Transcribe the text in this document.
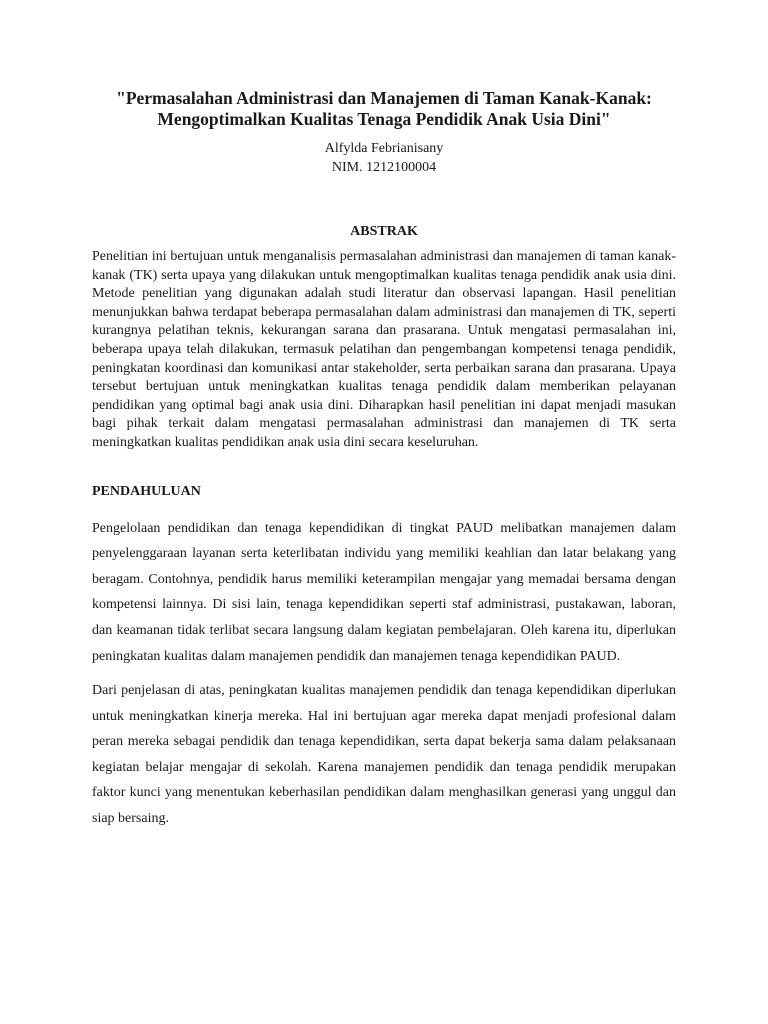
"Permasalahan Administrasi dan Manajemen di Taman Kanak-Kanak:
Mengoptimalkan Kualitas Tenaga Pendidik Anak Usia Dini"

Alfylda Febrianisany

NIM. 1212100004

ABSTRAK

Penelitian ini bertujuan untuk menganalisis permasalahan administrasi dan manajemen di taman kanak-kanak (TK) serta upaya yang dilakukan untuk mengoptimalkan kualitas tenaga pendidik anak usia dini. Metode penelitian yang digunakan adalah studi literatur dan observasi lapangan. Hasil penelitian menunjukkan bahwa terdapat beberapa permasalahan dalam administrasi dan manajemen di TK, seperti kurangnya pelatihan teknis, kekurangan sarana dan prasarana. Untuk mengatasi permasalahan ini, beberapa upaya telah dilakukan, termasuk pelatihan dan pengembangan kompetensi tenaga pendidik, peningkatan koordinasi dan komunikasi antar stakeholder, serta perbaikan sarana dan prasarana. Upaya tersebut bertujuan untuk meningkatkan kualitas tenaga pendidik dalam memberikan pelayanan pendidikan yang optimal bagi anak usia dini. Diharapkan hasil penelitian ini dapat menjadi masukan bagi pihak terkait dalam mengatasi permasalahan administrasi dan manajemen di TK serta meningkatkan kualitas pendidikan anak usia dini secara keseluruhan.

PENDAHULUAN

Pengelolaan pendidikan dan tenaga kependidikan di tingkat PAUD melibatkan manajemen dalam penyelenggaraan layanan serta keterlibatan individu yang memiliki keahlian dan latar belakang yang beragam. Contohnya, pendidik harus memiliki keterampilan mengajar yang memadai bersama dengan kompetensi lainnya. Di sisi lain, tenaga kependidikan seperti staf administrasi, pustakawan, laboran, dan keamanan tidak terlibat secara langsung dalam kegiatan pembelajaran. Oleh karena itu, diperlukan peningkatan kualitas dalam manajemen pendidik dan manajemen tenaga kependidikan PAUD.

Dari penjelasan di atas, peningkatan kualitas manajemen pendidik dan tenaga kependidikan diperlukan untuk meningkatkan kinerja mereka. Hal ini bertujuan agar mereka dapat menjadi profesional dalam peran mereka sebagai pendidik dan tenaga kependidikan, serta dapat bekerja sama dalam pelaksanaan kegiatan belajar mengajar di sekolah. Karena manajemen pendidik dan tenaga pendidik merupakan faktor kunci yang menentukan keberhasilan pendidikan dalam menghasilkan generasi yang unggul dan siap bersaing.
